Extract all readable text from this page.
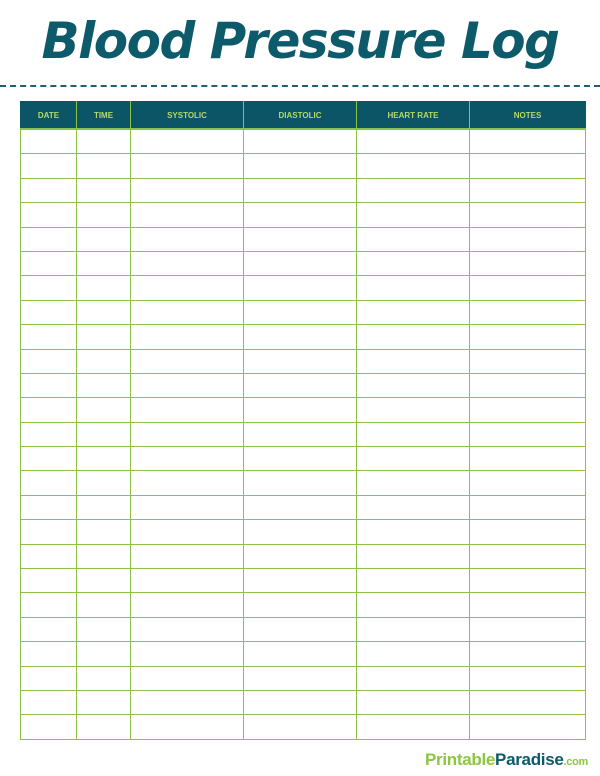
Blood Pressure Log
DATE	TIME	SYSTOLIC	DIASTOLIC	HEART RATE	NOTES

PrintableParadise.com
